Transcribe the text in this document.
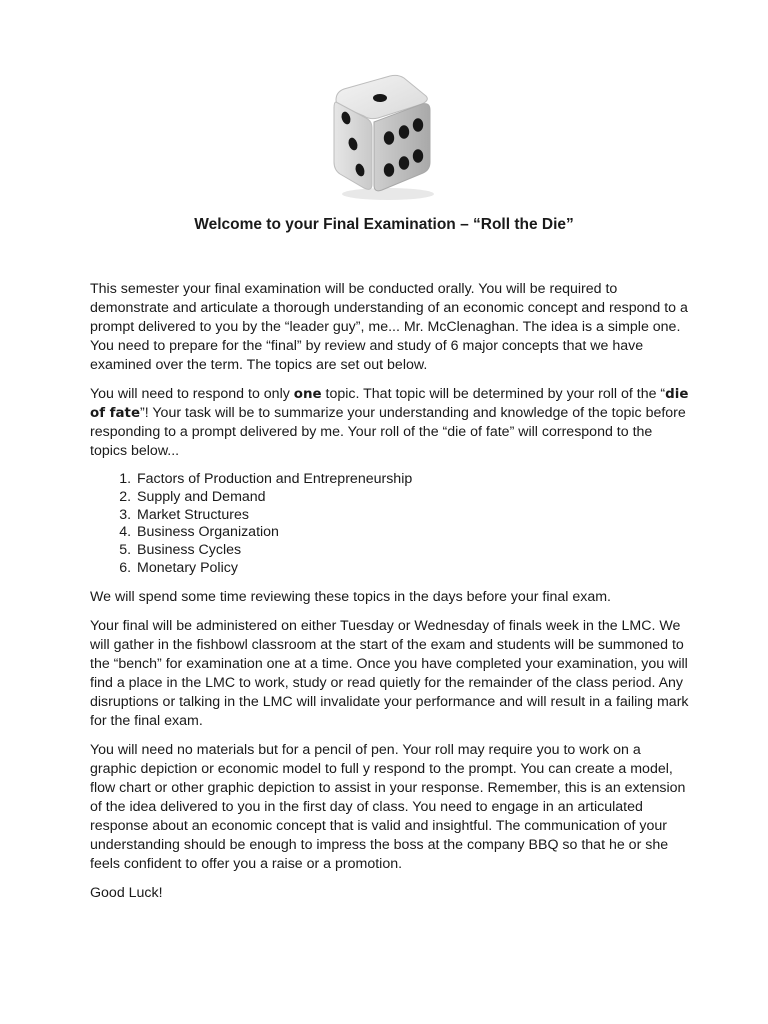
Welcome to your Final Examination – “Roll the Die”

This semester your final examination will be conducted orally. You will be required to demonstrate and articulate a thorough understanding of an economic concept and respond to a prompt delivered to you by the “leader guy”, me... Mr. McClenaghan. The idea is a simple one. You need to prepare for the “final” by review and study of 6 major concepts that we have examined over the term. The topics are set out below.

You will need to respond to only one topic. That topic will be determined by your roll of the “die of fate”! Your task will be to summarize your understanding and knowledge of the topic before responding to a prompt delivered by me. Your roll of the “die of fate” will correspond to the topics below...

1. Factors of Production and Entrepreneurship
2. Supply and Demand
3. Market Structures
4. Business Organization
5. Business Cycles
6. Monetary Policy

We will spend some time reviewing these topics in the days before your final exam.

Your final will be administered on either Tuesday or Wednesday of finals week in the LMC. We will gather in the fishbowl classroom at the start of the exam and students will be summoned to the “bench” for examination one at a time. Once you have completed your examination, you will find a place in the LMC to work, study or read quietly for the remainder of the class period. Any disruptions or talking in the LMC will invalidate your performance and will result in a failing mark for the final exam.

You will need no materials but for a pencil of pen. Your roll may require you to work on a graphic depiction or economic model to full y respond to the prompt. You can create a model, flow chart or other graphic depiction to assist in your response. Remember, this is an extension of the idea delivered to you in the first day of class. You need to engage in an articulated response about an economic concept that is valid and insightful. The communication of your understanding should be enough to impress the boss at the company BBQ so that he or she feels confident to offer you a raise or a promotion.

Good Luck!
